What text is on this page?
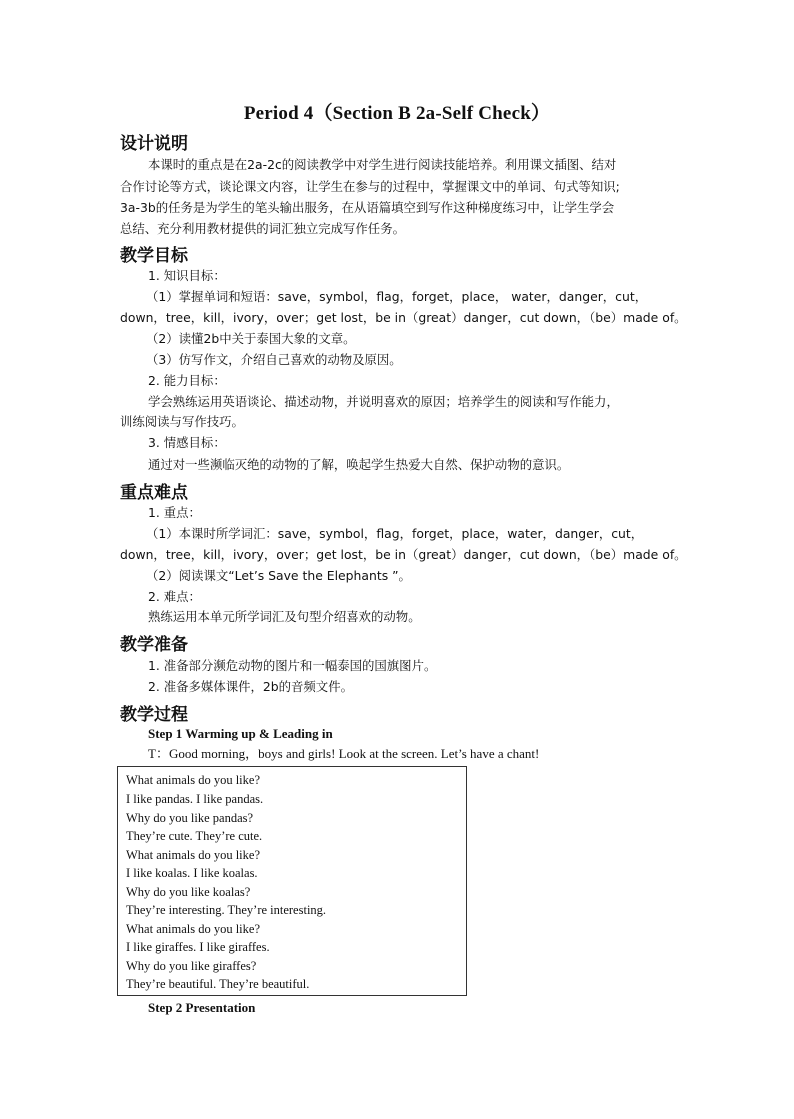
Period 4（Section B 2a-Self Check）
设计说明
本课时的重点是在2a-2c的阅读教学中对学生进行阅读技能培养。利用课文插图、结对
合作讨论等方式，谈论课文内容，让学生在参与的过程中，掌握课文中的单词、句式等知识;
3a-3b的任务是为学生的笔头输出服务，在从语篇填空到写作这种梯度练习中，让学生学会
总结、充分利用教材提供的词汇独立完成写作任务。
教学目标
1. 知识目标：
（1）掌握单词和短语：save，symbol，flag，forget，place， water，danger，cut，
down，tree，kill，ivory，over；get lost，be in（great）danger，cut down，（be）made of。
（2）读懂2b中关于泰国大象的文章。
（3）仿写作文，介绍自己喜欢的动物及原因。
2. 能力目标：
学会熟练运用英语谈论、描述动物，并说明喜欢的原因；培养学生的阅读和写作能力，
训练阅读与写作技巧。
3. 情感目标：
通过对一些濒临灭绝的动物的了解，唤起学生热爱大自然、保护动物的意识。
重点难点
1. 重点：
（1）本课时所学词汇：save，symbol，flag，forget，place，water，danger，cut，
down，tree，kill，ivory，over；get lost，be in（great）danger，cut down，（be）made of。
（2）阅读课文“Let’s Save the Elephants ”。
2. 难点：
熟练运用本单元所学词汇及句型介绍喜欢的动物。
教学准备
1. 准备部分濒危动物的图片和一幅泰国的国旗图片。
2. 准备多媒体课件，2b的音频文件。
教学过程
Step 1 Warming up & Leading in
T：Good morning，boys and girls! Look at the screen. Let’s have a chant!
What animals do you like?
I like pandas. I like pandas.
Why do you like pandas?
They’re cute. They’re cute.
What animals do you like?
I like koalas. I like koalas.
Why do you like koalas?
They’re interesting. They’re interesting.
What animals do you like?
I like giraffes. I like giraffes.
Why do you like giraffes?
They’re beautiful. They’re beautiful.
Step 2 Presentation
